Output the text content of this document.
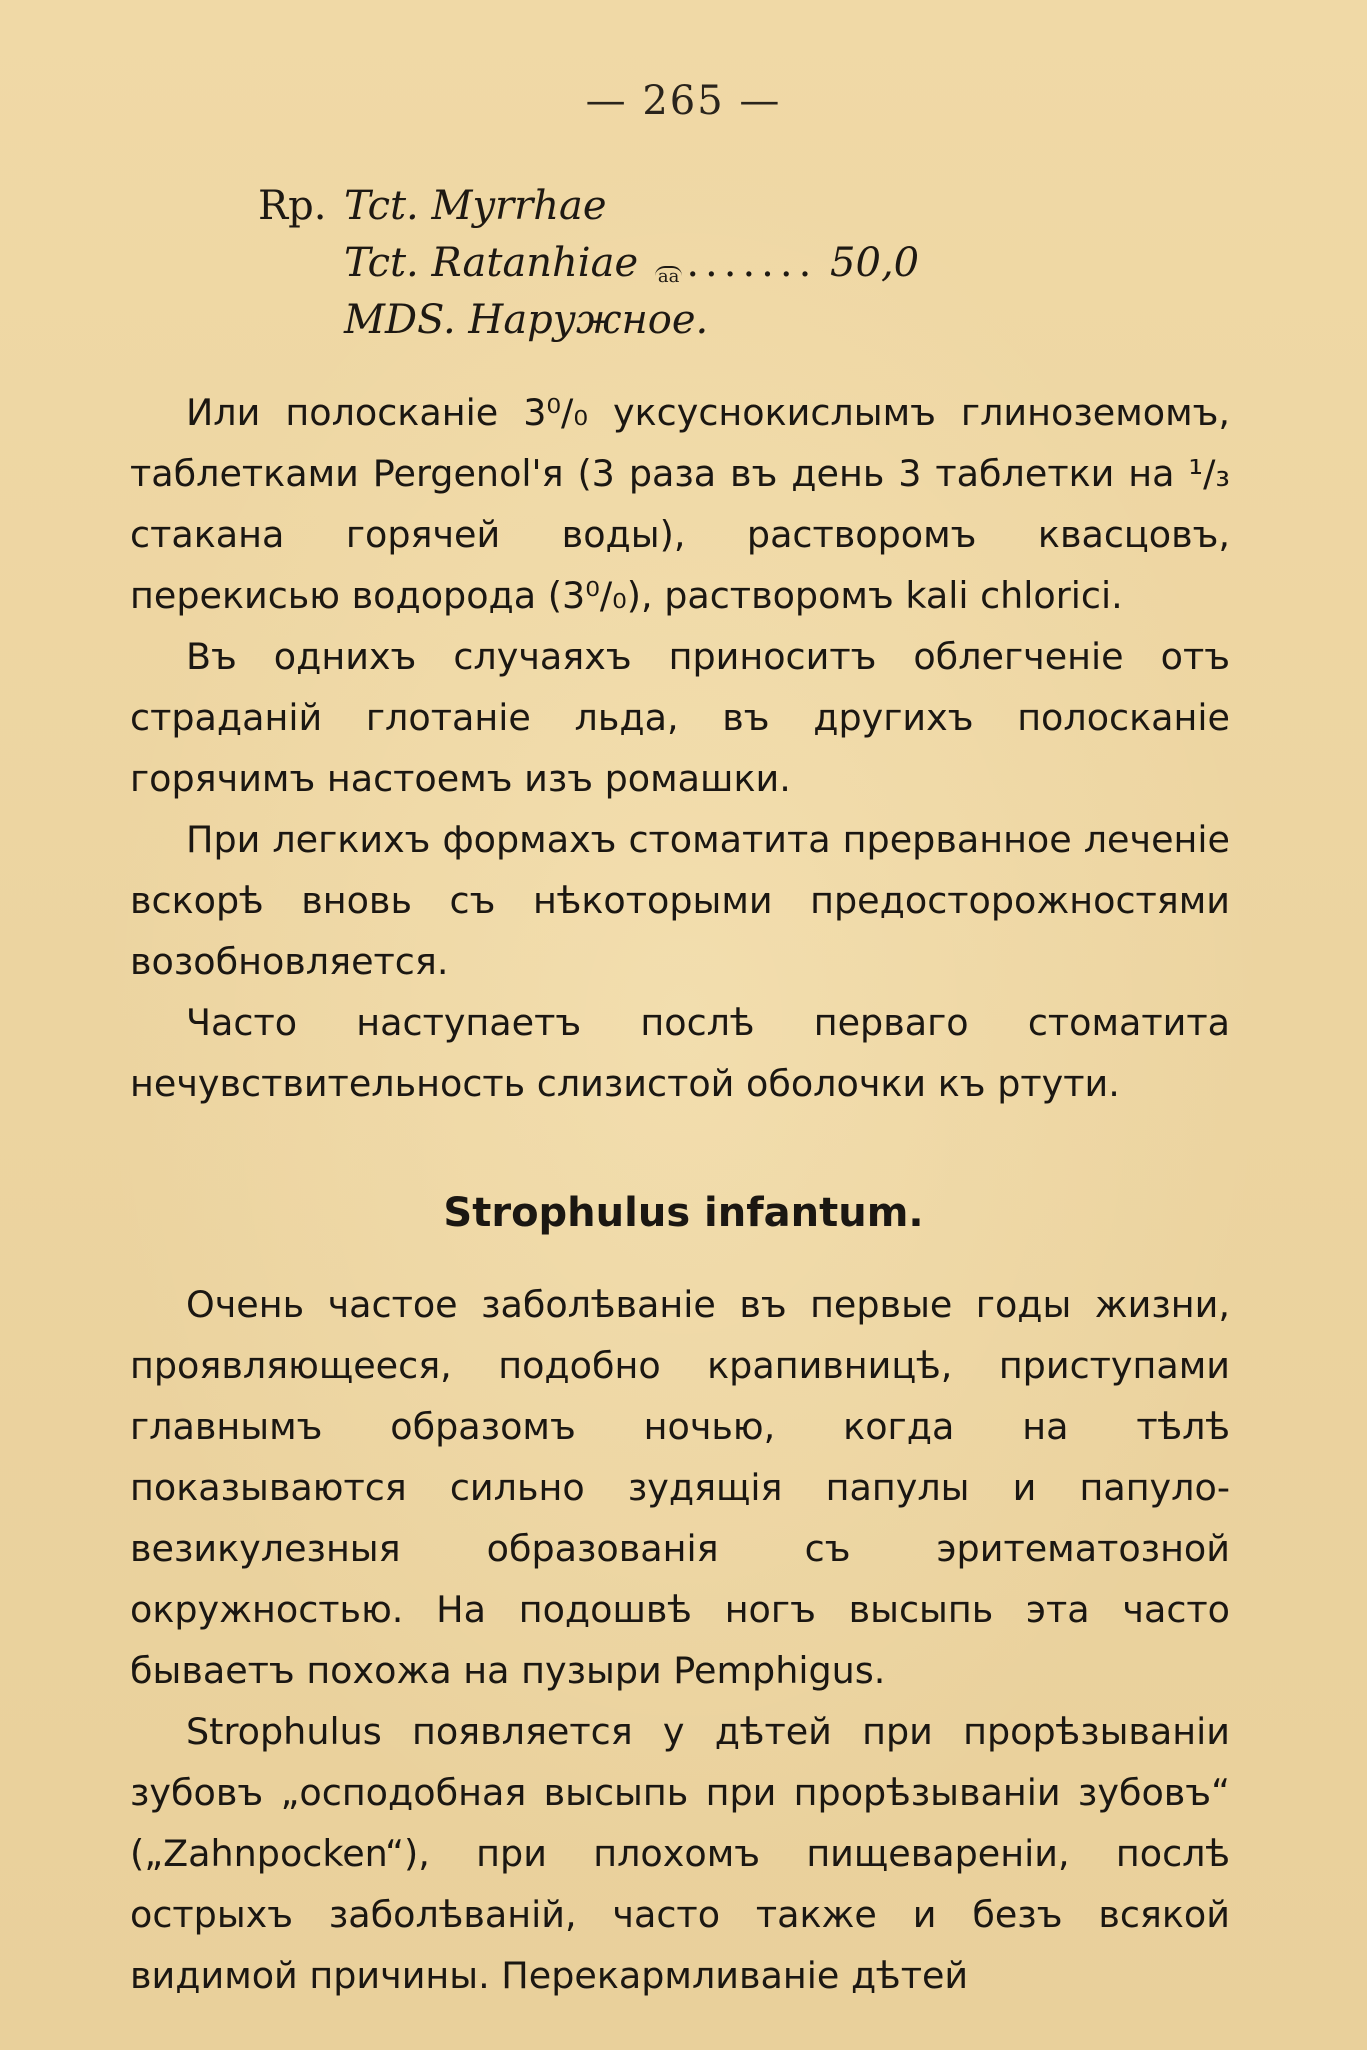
— 265 —
Rp. Tct. Myrrhae
Tct. Ratanhiae aa ....... 50,0
MDS. Наружное.

Или полосканіе 3⁰/₀ уксуснокислымъ глиноземомъ, таблетками Pergenol'я (3 раза въ день 3 таблетки на ¹/₃ стакана горячей воды), растворомъ квасцовъ, перекисью водорода (3⁰/₀), растворомъ kali chlorici.

Въ однихъ случаяхъ приноситъ облегченіе отъ страданій глотаніе льда, въ другихъ полосканіе горячимъ настоемъ изъ ромашки.

При легкихъ формахъ стоматита прерванное леченіе вскорѣ вновь съ нѣкоторыми предосторожностями возобновляется.

Часто наступаетъ послѣ перваго стоматита нечувствительность слизистой оболочки къ ртути.

Strophulus infantum.

Очень частое заболѣваніе въ первые годы жизни, проявляющееся, подобно крапивницѣ, приступами главнымъ образомъ ночью, когда на тѣлѣ показываются сильно зудящія папулы и папуло-везикулезныя образованія съ эритематозной окружностью. На подошвѣ ногъ высыпь эта часто бываетъ похожа на пузыри Pemphigus.

Strophulus появляется у дѣтей при прорѣзываніи зубовъ „осподобная высыпь при прорѣзываніи зубовъ“ („Zahnpocken“), при плохомъ пищевареніи, послѣ острыхъ заболѣваній, часто также и безъ всякой видимой причины. Перекармливаніе дѣтей
